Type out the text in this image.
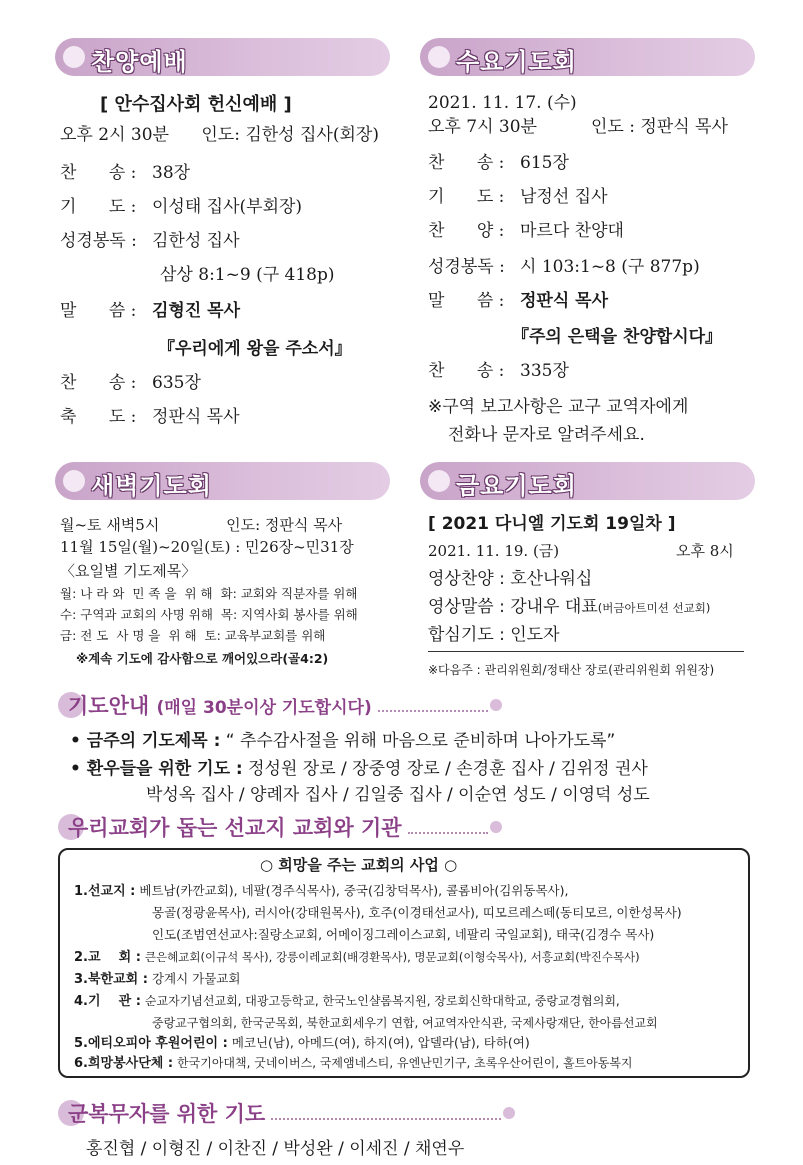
찬양예배
[ 안수집사회 헌신예배 ]
오후 2시 30분      인도: 김한성 집사(회장)
찬      송 : 38장
기      도 : 이성태 집사(부회장)
성경봉독 : 김한성 집사
삼상 8:1~9 (구 418p)
말      씀 : 김형진 목사
『우리에게 왕을 주소서』
찬      송 : 635장
축      도 : 정판식 목사
수요기도회
2021. 11. 17. (수)
오후 7시 30분          인도 : 정판식 목사
찬      송 : 615장
기      도 : 남정선 집사
찬      양 : 마르다 찬양대
성경봉독 : 시 103:1~8 (구 877p)
말      씀 : 정판식 목사
『주의 은택을 찬양합시다』
찬      송 : 335장
※구역 보고사항은 교구 교역자에게
전화나 문자로 알려주세요.
새벽기도회
월~토 새벽5시              인도: 정판식 목사
11월 15일(월)~20일(토) : 민26장~민31장
〈요일별 기도제목〉
월: 나 라 와  민 족 을  위 해  화: 교회와 직분자를 위해
수: 구역과 교회의 사명 위해  목: 지역사회 봉사를 위해
금: 전 도  사 명 을  위 해  토: 교육부교회를 위해
※계속 기도에 감사함으로 깨어있으라(골4:2)
금요기도회
[ 2021 다니엘 기도회 19일차 ]
2021. 11. 19. (금)	오후 8시
영상찬양 : 호산나워십
영상말씀 : 강내우 대표(버금아트미션 선교회)
합심기도 : 인도자
※다음주 : 관리위원회/정태산 장로(관리위원회 위원장)
기도안내 (매일 30분이상 기도합시다)
• 금주의 기도제목 : “ 추수감사절을 위해 마음으로 준비하며 나아가도록”
• 환우들을 위한 기도 : 정성원 장로 / 장중영 장로 / 손경훈 집사 / 김위정 권사
박성옥 집사 / 양례자 집사 / 김일중 집사 / 이순연 성도 / 이영덕 성도
우리교회가 돕는 선교지 교회와 기관
○ 희망을 주는 교회의 사업 ○
1.선교지 : 베트남(카깐교회), 네팔(경주식목사), 중국(김창덕목사), 콜롬비아(김위동목사),
몽골(정광윤목사), 러시아(강태원목사), 호주(이경태선교사), 띠모르레스떼(동티모르, 이한성목사)
인도(조범연선교사:질랑소교회, 어메이징그레이스교회, 네팔리 국일교회), 태국(김경수 목사)
2.교    회 : 큰은혜교회(이규석 목사), 강릉이레교회(배경환목사), 명문교회(이형숙목사), 서흥교회(박진수목사)
3.북한교회 : 강계시 가물교회
4.기    관 : 순교자기념선교회, 대광고등학교, 한국노인샬롬복지원, 장로회신학대학교, 중랑교경협의회,
중랑교구협의회, 한국군목회, 북한교회세우기 연합, 여교역자안식관, 국제사랑재단, 한아름선교회
5.에티오피아 후원어린이 : 메코닌(남), 아메드(여), 하지(여), 압델라(남), 타하(여)
6.희망봉사단체 : 한국기아대책, 굿네이버스, 국제앰네스티, 유엔난민기구, 초록우산어린이, 홀트아동복지
군복무자를 위한 기도
홍진협 / 이형진 / 이찬진 / 박성완 / 이세진 / 채연우
